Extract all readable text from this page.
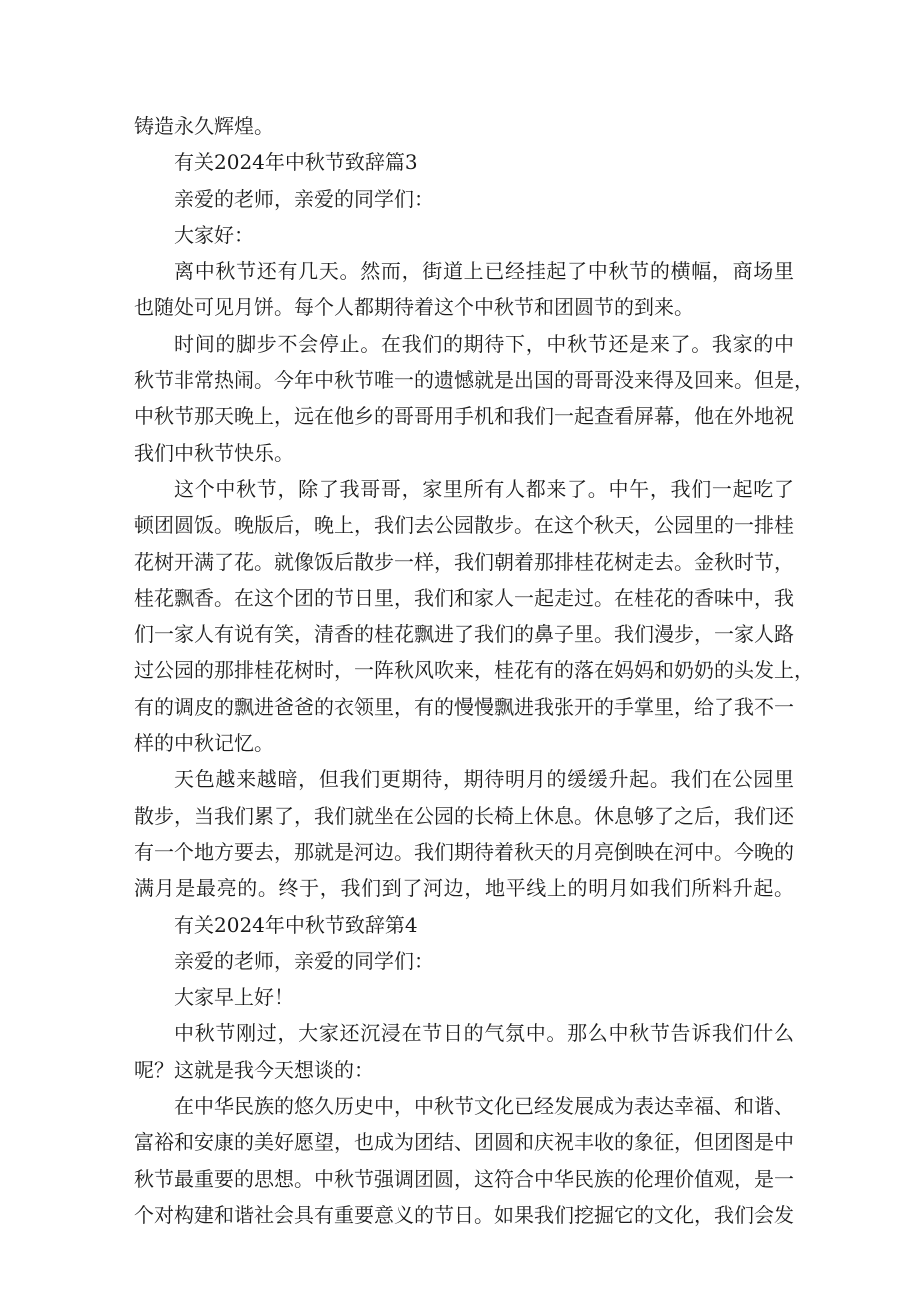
铸造永久辉煌。

有关2024年中秋节致辞篇3

亲爱的老师，亲爱的同学们：

大家好：

离中秋节还有几天。然而，街道上已经挂起了中秋节的横幅，商场里

也随处可见月饼。每个人都期待着这个中秋节和团圆节的到来。

时间的脚步不会停止。在我们的期待下，中秋节还是来了。我家的中

秋节非常热闹。今年中秋节唯一的遗憾就是出国的哥哥没来得及回来。但是，

中秋节那天晚上，远在他乡的哥哥用手机和我们一起查看屏幕，他在外地祝

我们中秋节快乐。

这个中秋节，除了我哥哥，家里所有人都来了。中午，我们一起吃了

顿团圆饭。晚版后，晚上，我们去公园散步。在这个秋天，公园里的一排桂

花树开满了花。就像饭后散步一样，我们朝着那排桂花树走去。金秋时节，

桂花飘香。在这个团的节日里，我们和家人一起走过。在桂花的香味中，我

们一家人有说有笑，清香的桂花飘进了我们的鼻子里。我们漫步，一家人路

过公园的那排桂花树时，一阵秋风吹来，桂花有的落在妈妈和奶奶的头发上，

有的调皮的飘进爸爸的衣领里，有的慢慢飘进我张开的手掌里，给了我不一

样的中秋记忆。

天色越来越暗，但我们更期待，期待明月的缓缓升起。我们在公园里

散步，当我们累了，我们就坐在公园的长椅上休息。休息够了之后，我们还

有一个地方要去，那就是河边。我们期待着秋天的月亮倒映在河中。今晚的

满月是最亮的。终于，我们到了河边，地平线上的明月如我们所料升起。

有关2024年中秋节致辞第4

亲爱的老师，亲爱的同学们：

大家早上好！

中秋节刚过，大家还沉浸在节日的气氛中。那么中秋节告诉我们什么

呢？这就是我今天想谈的：

在中华民族的悠久历史中，中秋节文化已经发展成为表达幸福、和谐、

富裕和安康的美好愿望，也成为团结、团圆和庆祝丰收的象征，但团图是中

秋节最重要的思想。中秋节强调团圆，这符合中华民族的伦理价值观，是一

个对构建和谐社会具有重要意义的节日。如果我们挖掘它的文化，我们会发
